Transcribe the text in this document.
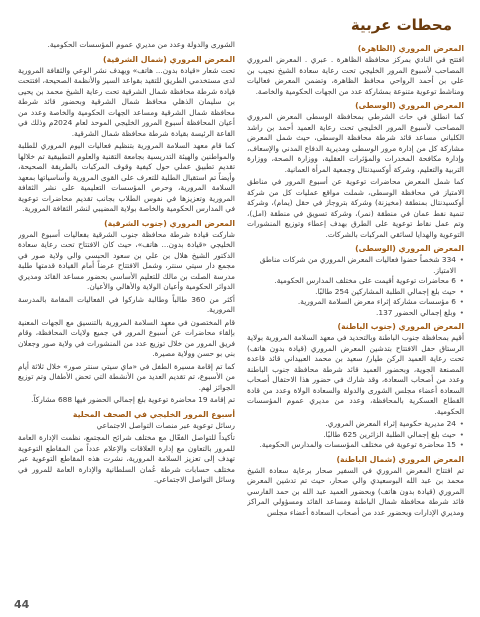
محطات عربية
المعرض المروري (الظاهرة)

افتتح في النادي بمركز محافظة الظاهرة . عبري . المعرض المروري المصاحب لأسبوع المرور الخليجي تحت رعاية سعادة الشيخ نجيب بن علي بن أحمد الرواحي محافظ الظاهرة، وتضمن المعرض فعاليات ومناشط توعوية متنوعة بمشاركة عدد من الجهات الحكومية والخاصة.

المعرض المروري (الوسطى)

كما انطلق في حاث الشرطي بمحافظة الوسطى المعرض المروري المصاحب لأسبوع المرور الخليجي تحت رعاية العميد أحمد بن راشد الكلباني مساعد قائد شرطة محافظة الوسطى، حيث شمل المعرض مشاركة كل من إدارة مرور الوسطى ومديرية الدفاع المدني والإسعاف، وإدارة مكافحة المخدرات والمؤثرات العقلية، ووزارة الصحة، ووزارة التربية والتعليم، وشركة أوكسيدنتال وجمعية المرأة العمانية.

كما شمل المعرض محاضرات توعوية عن أسبوع المرور في مناطق الامتياز في محافظة الوسطى، شملت مواقع عمليات كل من شركة أوكسيدنتال بمنطقة (مخيزنة) وشركة بتروجاز في حقل (يمام)، وشركة تنمية نفط عمان في منطقة (نمر)، وشركة تسويق في منطقة (امل)، وتم عمل نقاط توعوية على الطرق بهدف إعطاء وتوزيع المنشورات التوعوية والهدايا لسائقي المركبات بالشركات.

المعرض المروري (الوسطى)
• 334 شخصاً حضوا فعاليات المعرض المروري من شركات مناطق الامتياز.
• 6 محاضرات توعوية أقيمت على مختلف المدارس الحكومية.
• حيث بلغ إجمالي الطلبة المشاركين 254 طالبًا.
• 6 مؤسسات مشاركة إثراء معرض السلامة المرورية.
• وبلغ إجمالي الحضور 137.
المعرض المروري (جنوب الباطنة)

أقيم بمحافظة جنوب الباطنة وبالتحديد في معهد السلامة المرورية بولاية الرستاق حفل الافتتاح بتدشين المعرض المروري (قيادة بدون هاتف) تحت رعاية العميد الركن طيار/ سعيد بن محمد العبيداني قائد قاعدة المصنعة الجوية، وبحضور العميد قائد شرطة محافظة جنوب الباطنة وعدد من أصحاب السعادة، وقد شارك في حضور هذا الاحتفال أصحاب السعادة أعضاء مجلس الشورى والدولة والسعادة الولاة وعدد من قادة القطاع العسكرية بالمحافظة، وعدد من مديري عموم المؤسسات الحكومية.

• 24 مديرية حكومية إثراء المعرض المروري.
• حيث بلغ إجمالي الطلبة الزائرين 625 طالبًا.
• 15 محاضرة توعوية في مختلف المؤسسات والمدارس الحكومية.
المعرض المروري (شمال الباطنة)

تم افتتاح المعرض المروري في السفير صحار برعاية سعادة الشيخ محمد بن عبد الله البوسعيدي والي صحار، حيث تم تدشين المعرض المروري (قيادة بدون هاتف) وبحضور العميد عبد الله بن حمد الفارسي قائد شرطة محافظة شمال الباطنة ومساعد القائد ومسؤولي المراكز ومديري الإدارات وبحضور عدد من أصحاب السعادة أعضاء مجلس

الشورى والدولة وعدد من مديري عموم المؤسسات الحكومية.

المعرض المروري (شمال الشرقية)

تحت شعار «قيادة بدون... هاتف» ويهدف نشر الوعي والثقافة المرورية لدى مستخدمي الطريق للتقيد بقواعد السير والأنظمة الصحيحة، افتتحت قيادة شرطة محافظة شمال الشرقية تحت رعاية الشيخ محمد بن يحيى بن سليمان الذهلي محافظ شمال الشرقية وبحضور قائد شرطة محافظة شمال الشرقية ومساعد الجهات الحكومية والخاصة وعدد من أعيان المحافظة أسبوع المرور الخليجي الموحد لعام 2024م وذلك في القاعة الرئيسة بقيادة شرطة محافظة شمال الشرقية.

كما قام معهد السلامة المرورية بتنظيم فعاليات اليوم المروري للطلبة والمواطنين والهيئة التدريسية بجامعة التقنية والعلوم التطبيقية تم خلالها تقديم تطبيق عملي حول كيفية وقوف المركبات بالطريقة الصحيحة، وأيضاً تم استقبال الطلبة للتعرف على القوى المرورية وأساسياتها بمعهد السلامة المرورية، وحرص المؤسسات التعليمية على نشر الثقافة المرورية وتعزيزها في نفوس الطلاب بجانب تقديم محاضرات توعوية في المدارس الحكومية والخاصة بولاية المضيبي لنشر الثقافة المرورية.

المعرض المروري (جنوب الشرقية)

شاركت قيادة شرطة محافظة جنوب الشرقية بفعاليات أسبوع المرور الخليجي «قيادة بدون... هاتف»، حيث كان الافتتاح تحت رعاية سعادة الدكتور الشيخ هلال بن علي بن سعود الحبسي والي ولاية صور في مجمع دار سيتي سنتر، وشمل الافتتاح عرضاً أمام القيادة قدمتها طلبة مدرسة الصلت بن مالك للتعليم الأساسي بحضور مساعد القائد ومديري الدوائر الحكومية وأعيان الولاية والأهالي والأعيان.

أكثر من 360 طالباً وطالبة شاركوا في الفعاليات المقامة بالمدرسة المرورية.

قام المختصون في معهد السلامة المرورية بالتنسيق مع الجهات المعنية بإلقاء محاضرات عن أسبوع المرور في جميع ولايات المحافظة، وقام فريق المرور من خلال توزيع عدد من المنشورات في ولاية صور وجعلان بني بو حسن وولاية مصيرة.

كما تم إقامة مسيرة الطفل في «ماي سيتي سنتر صور» خلال ثلاثة أيام من الأسبوع، تم تقديم العديد من الأنشطة التي تحض الأطفال وتم توزيع الجوائز لهم.

تم إقامة 19 محاضرة توعوية بلغ إجمالي الحضور فيها 688 مشاركاً.

أسبوع المرور الخليجي في الصحف المحلية

رسائل توعوية عبر منصات التواصل الاجتماعي

تأكيداً للتواصل الفعّال مع مختلف شرائح المجتمع، نظمت الإدارة العامة للمرور بالتعاون مع إدارة العلاقات والإعلام عدداً من المقاطع التوعوية تهدف إلى تعزيز السلامة المرورية، نشرت هذه المقاطع التوعوية عبر مختلف حسابات شرطة عُمان السلطانية والإدارة العامة للمرور في وسائل التواصل الاجتماعي.

44
